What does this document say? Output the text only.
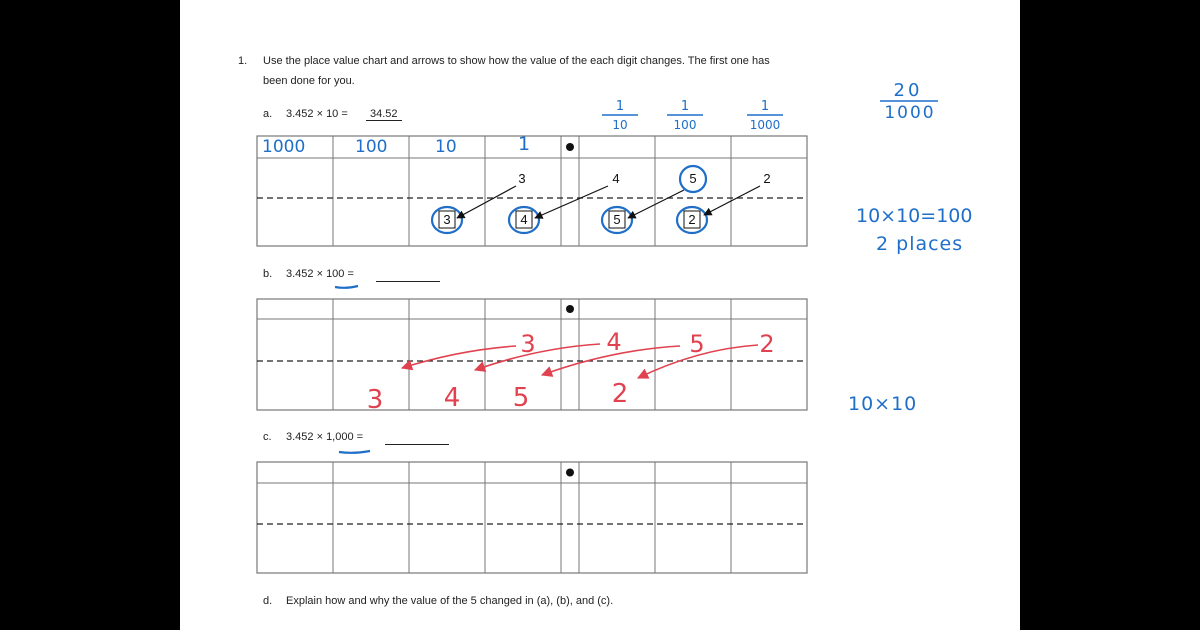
1. Use the place value chart and arrows to show how the value of the each digit changes. The first one has
been done for you.
a. 3.452 × 10 =	34.52
b. 3.452 × 100 =
c. 3.452 × 1,000 =
d. Explain how and why the value of the 5 changed in (a), (b), and (c).
1000	100	10	1
1
10
1
100
1
1000
3	4	5	2
3	4	5	2
3	4	5 2
3 4 5	2
20
1000
10×10=100
2 places
10×10
